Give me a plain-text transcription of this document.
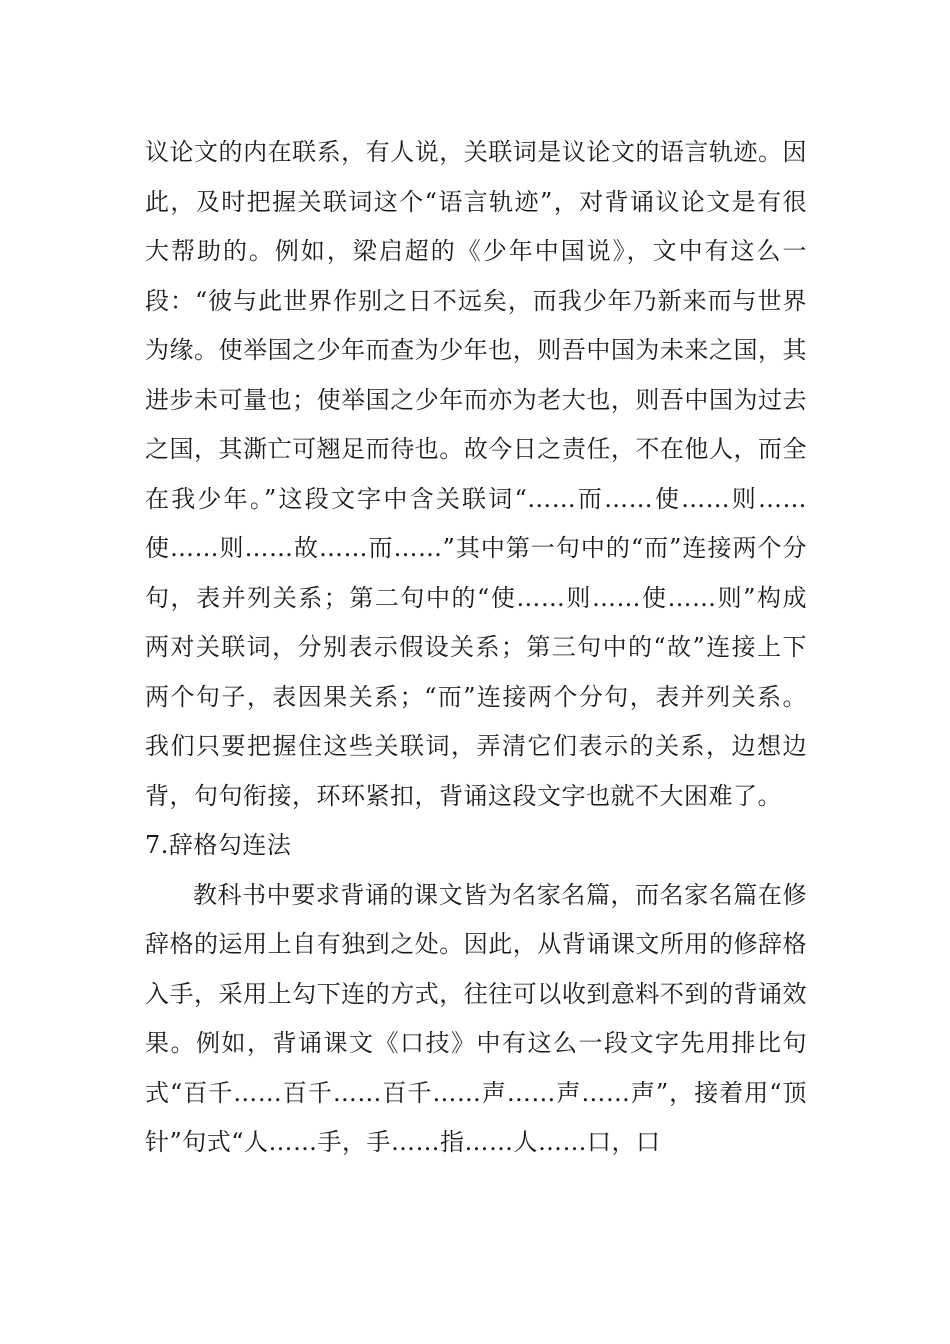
议论文的内在联系，有人说，关联词是议论文的语言轨迹。因此，及时把握关联词这个“语言轨迹”，对背诵议论文是有很大帮助的。例如，梁启超的《少年中国说》，文中有这么一段：“彼与此世界作别之日不远矣，而我少年乃新来而与世界为缘。使举国之少年而查为少年也，则吾中国为未来之国，其进步未可量也；使举国之少年而亦为老大也，则吾中国为过去之国，其澌亡可翘足而待也。故今日之责任，不在他人，而全在我少年。”这段文字中含关联词“……而……使……则……使……则……故……而……”其中第一句中的“而”连接两个分句，表并列关系；第二句中的“使……则……使……则”构成两对关联词，分别表示假设关系；第三句中的“故”连接上下两个句子，表因果关系；“而”连接两个分句，表并列关系。我们只要把握住这些关联词，弄清它们表示的关系，边想边背，句句衔接，环环紧扣，背诵这段文字也就不大困难了。

7.辞格勾连法

教科书中要求背诵的课文皆为名家名篇，而名家名篇在修辞格的运用上自有独到之处。因此，从背诵课文所用的修辞格入手，采用上勾下连的方式，往往可以收到意料不到的背诵效果。例如，背诵课文《口技》中有这么一段文字先用排比句式“百千……百千……百千……声……声……声”，接着用“顶针”句式“人……手，手……指……人……口，口
